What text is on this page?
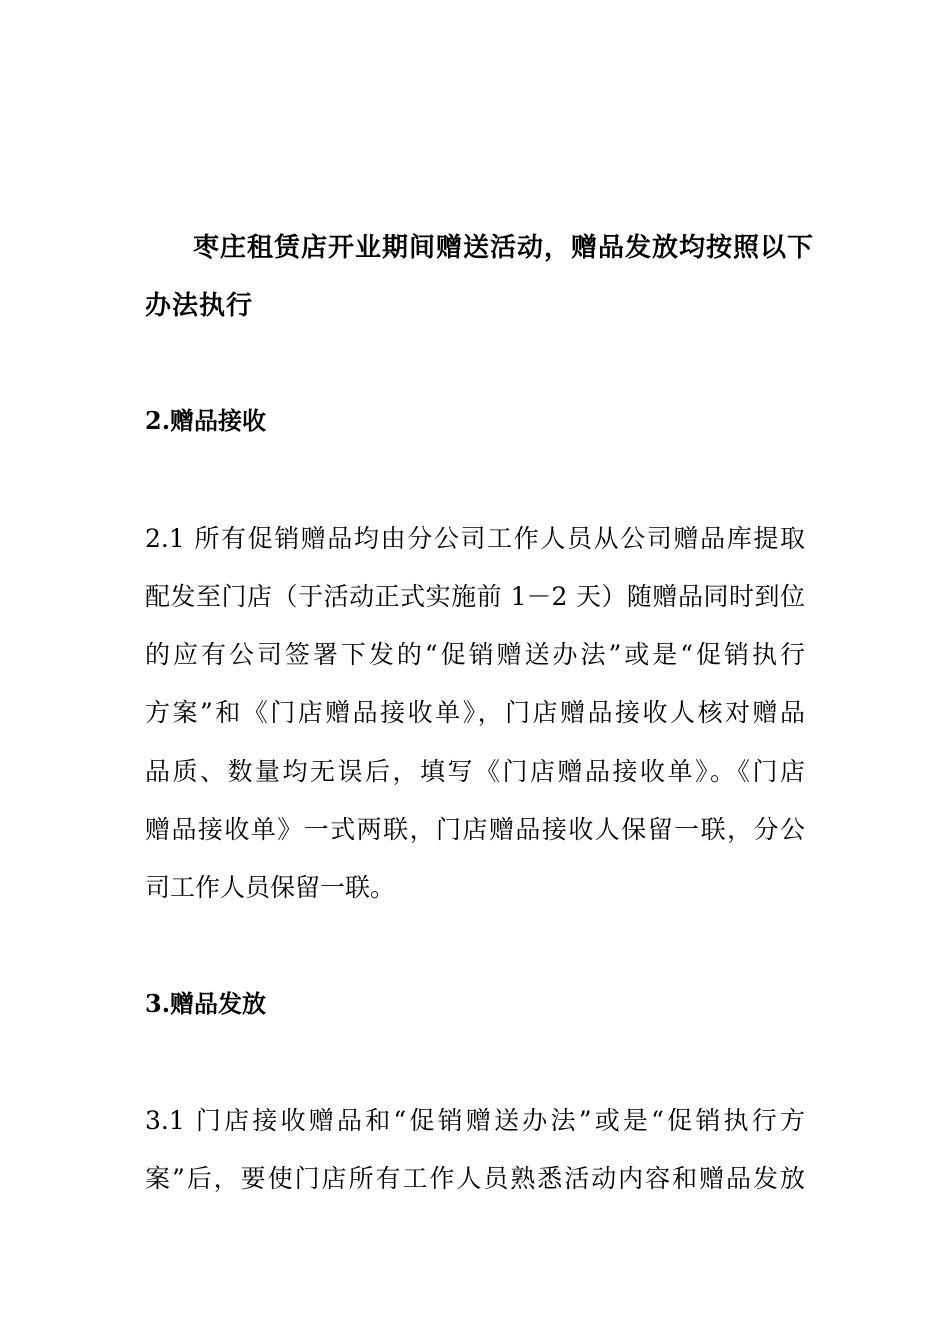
枣庄租赁店开业期间赠送活动，赠品发放均按照以下

办法执行

2.赠品接收

2.1 所有促销赠品均由分公司工作人员从公司赠品库提取

配发至门店（于活动正式实施前 1－2 天）随赠品同时到位

的应有公司签署下发的“促销赠送办法”或是“促销执行

方案”和《门店赠品接收单》，门店赠品接收人核对赠品

品质、数量均无误后，填写《门店赠品接收单》。《门店

赠品接收单》一式两联，门店赠品接收人保留一联，分公

司工作人员保留一联。

3.赠品发放

3.1 门店接收赠品和“促销赠送办法”或是“促销执行方

案”后，要使门店所有工作人员熟悉活动内容和赠品发放
